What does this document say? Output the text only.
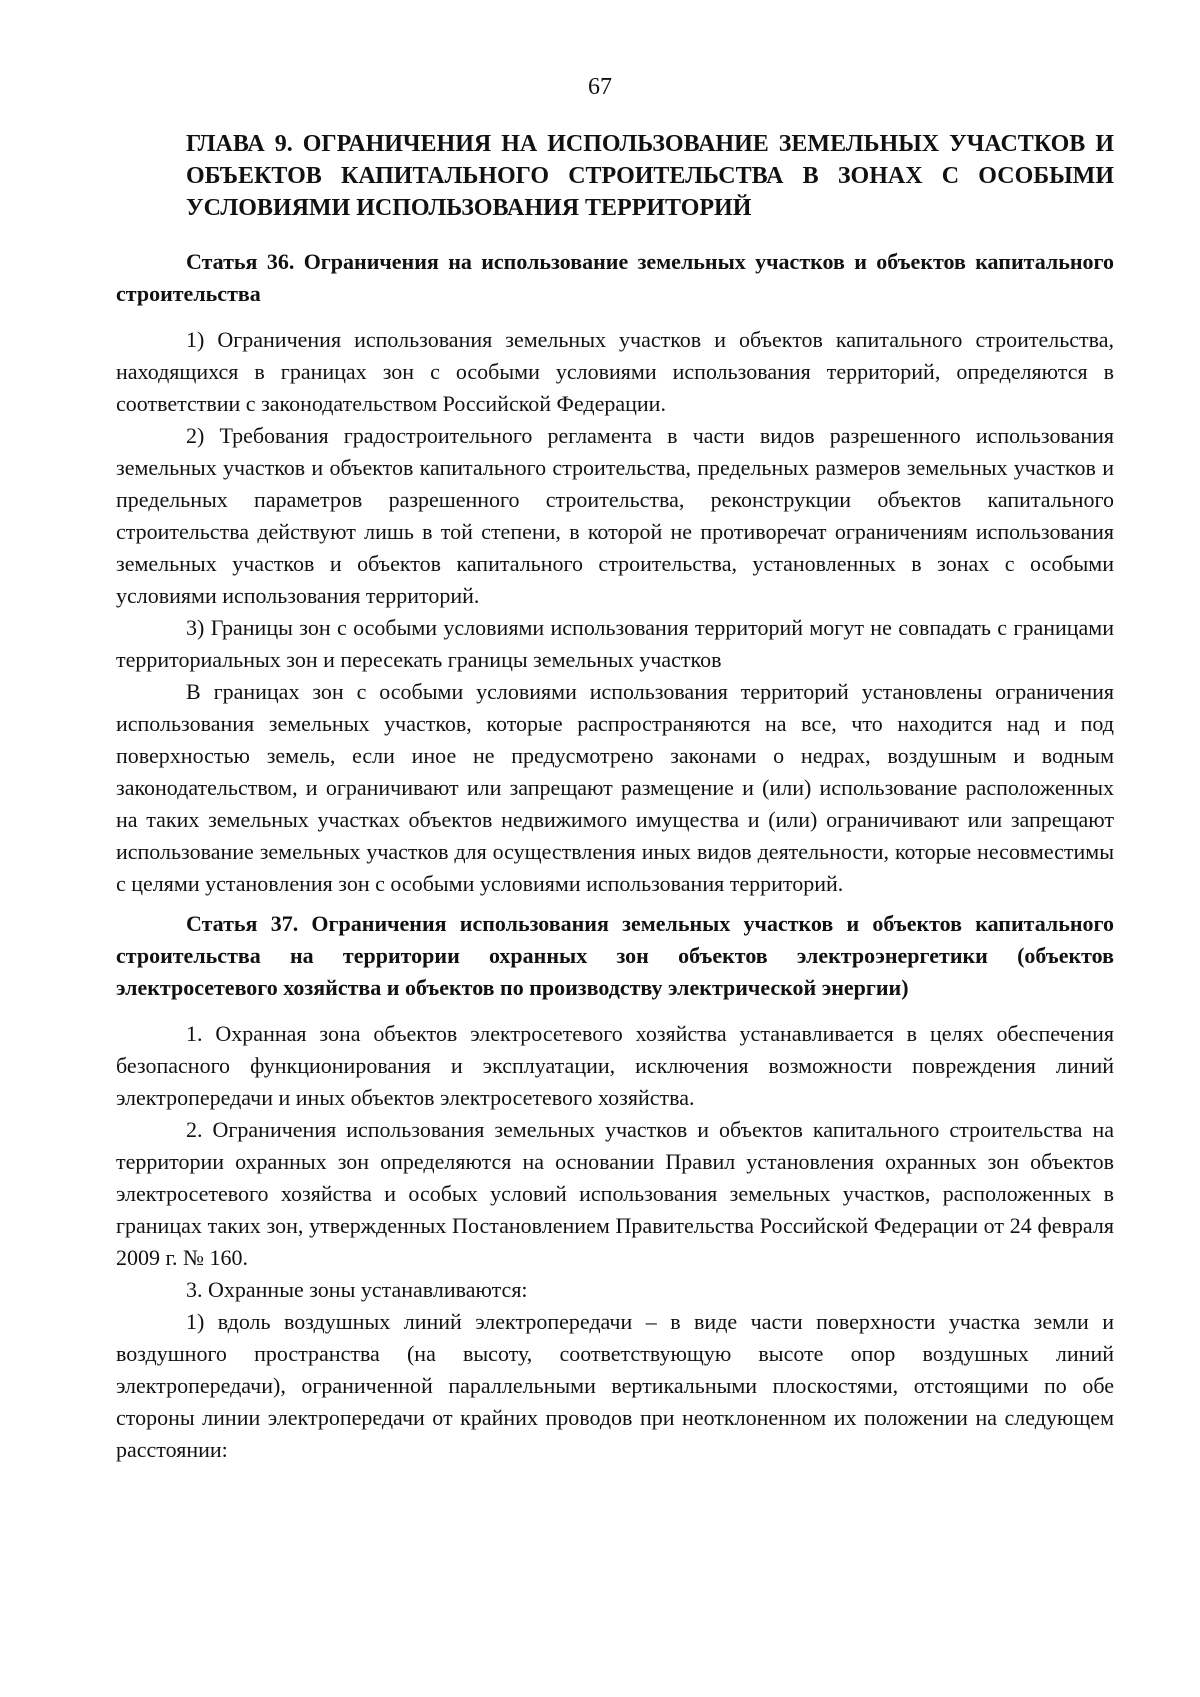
67
ГЛАВА 9. ОГРАНИЧЕНИЯ НА ИСПОЛЬЗОВАНИЕ ЗЕМЕЛЬНЫХ УЧАСТКОВ И ОБЪЕКТОВ КАПИТАЛЬНОГО СТРОИТЕЛЬСТВА В ЗОНАХ С ОСОБЫМИ УСЛОВИЯМИ ИСПОЛЬЗОВАНИЯ ТЕРРИТОРИЙ
Статья 36. Ограничения на использование земельных участков и объектов капитального строительства

1) Ограничения использования земельных участков и объектов капитального строительства, находящихся в границах зон с особыми условиями использования территорий, определяются в соответствии с законодательством Российской Федерации.

2) Требования градостроительного регламента в части видов разрешенного использования земельных участков и объектов капитального строительства, предельных размеров земельных участков и предельных параметров разрешенного строительства, реконструкции объектов капитального строительства действуют лишь в той степени, в которой не противоречат ограничениям использования земельных участков и объектов капитального строительства, установленных в зонах с особыми условиями использования территорий.

3) Границы зон с особыми условиями использования территорий могут не совпадать с границами территориальных зон и пересекать границы земельных участков

В границах зон с особыми условиями использования территорий установлены ограничения использования земельных участков, которые распространяются на все, что находится над и под поверхностью земель, если иное не предусмотрено законами о недрах, воздушным и водным законодательством, и ограничивают или запрещают размещение и (или) использование расположенных на таких земельных участках объектов недвижимого имущества и (или) ограничивают или запрещают использование земельных участков для осуществления иных видов деятельности, которые несовместимы с целями установления зон с особыми условиями использования территорий.

Статья 37. Ограничения использования земельных участков и объектов капитального строительства на территории охранных зон объектов электроэнергетики (объектов электросетевого хозяйства и объектов по производству электрической энергии)

1. Охранная зона объектов электросетевого хозяйства устанавливается в целях обеспечения безопасного функционирования и эксплуатации, исключения возможности повреждения линий электропередачи и иных объектов электросетевого хозяйства.

2. Ограничения использования земельных участков и объектов капитального строительства на территории охранных зон определяются на основании Правил установления охранных зон объектов электросетевого хозяйства и особых условий использования земельных участков, расположенных в границах таких зон, утвержденных Постановлением Правительства Российской Федерации от 24 февраля 2009 г. № 160.

3. Охранные зоны устанавливаются:

1) вдоль воздушных линий электропередачи – в виде части поверхности участка земли и воздушного пространства (на высоту, соответствующую высоте опор воздушных линий электропередачи), ограниченной параллельными вертикальными плоскостями, отстоящими по обе стороны линии электропередачи от крайних проводов при неотклоненном их положении на следующем расстоянии:
